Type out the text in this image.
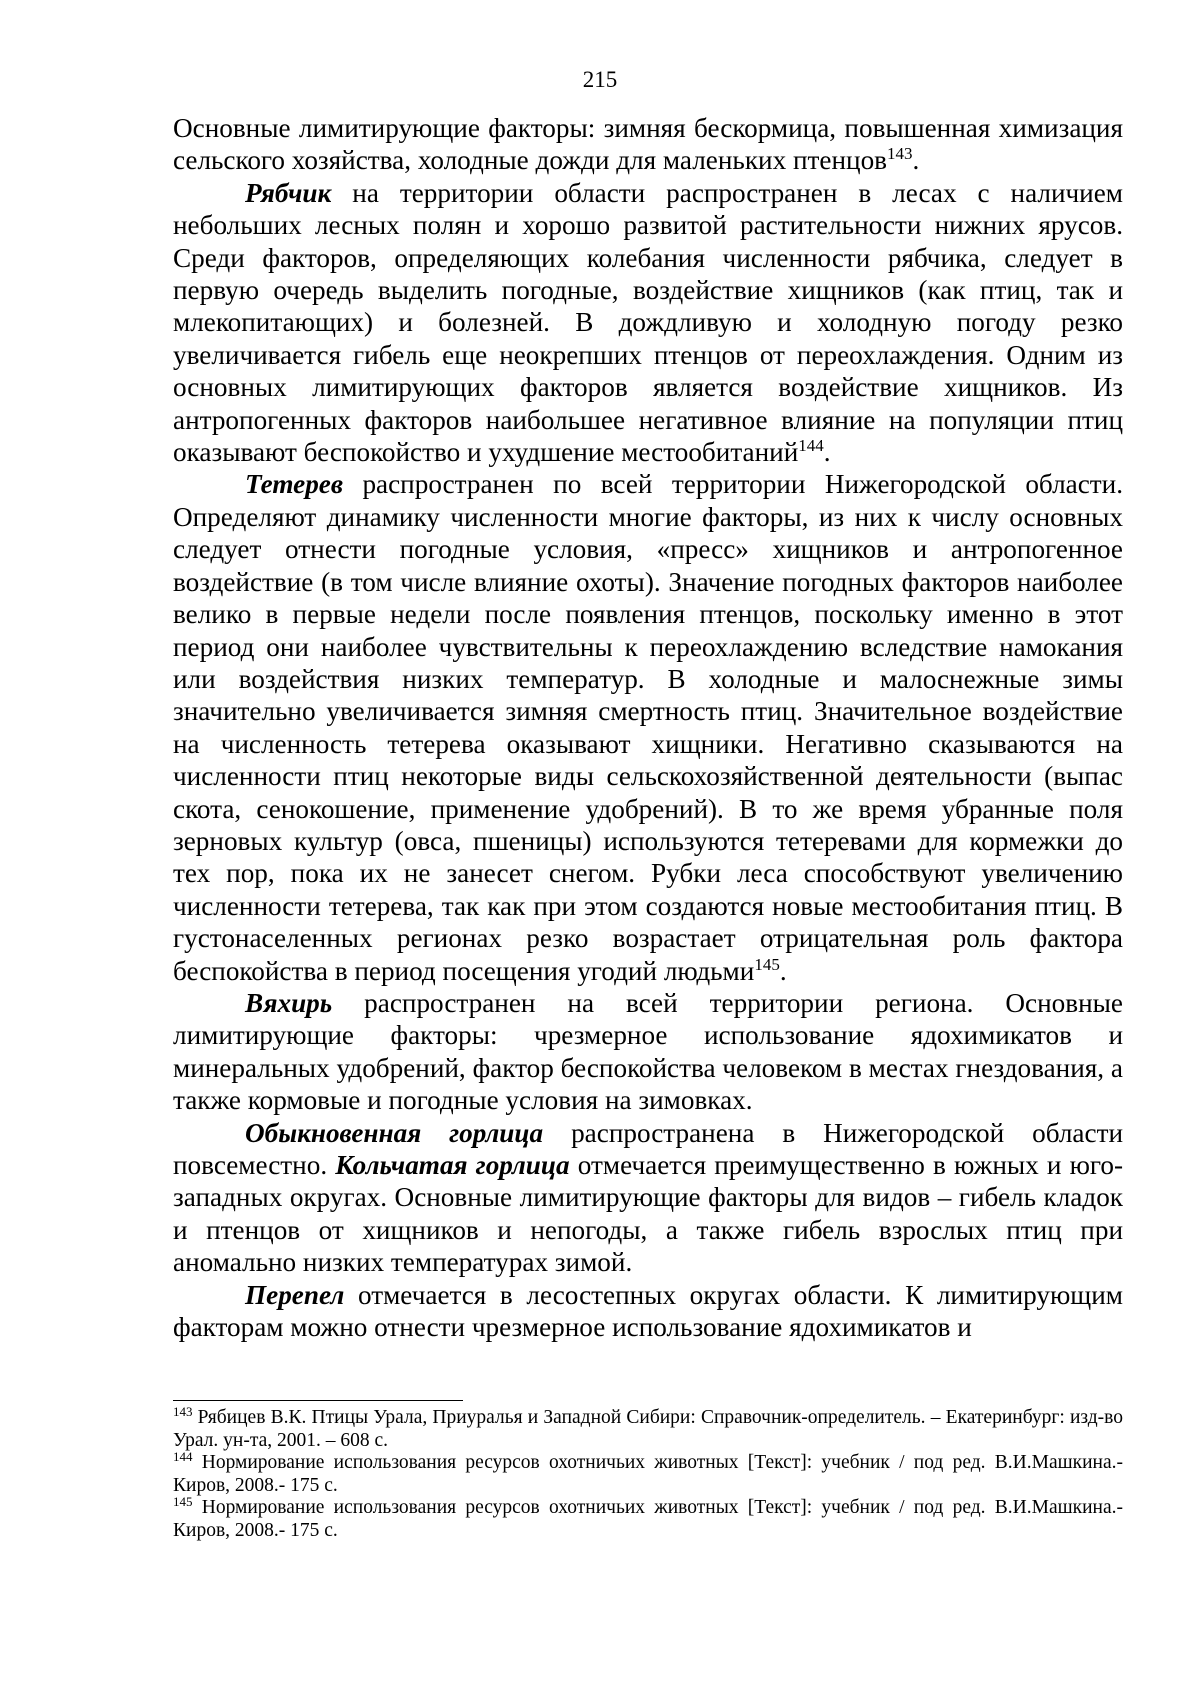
215

Основные лимитирующие факторы: зимняя бескормица, повышенная химизация сельского хозяйства, холодные дожди для маленьких птенцов$^{143}$.

Рябчик на территории области распространен в лесах с наличием небольших лесных полян и хорошо развитой растительности нижних ярусов. Среди факторов, определяющих колебания численности рябчика, следует в первую очередь выделить погодные, воздействие хищников (как птиц, так и млекопитающих) и болезней. В дождливую и холодную погоду резко увеличивается гибель еще неокрепших птенцов от переохлаждения. Одним из основных лимитирующих факторов является воздействие хищников. Из антропогенных факторов наибольшее негативное влияние на популяции птиц оказывают беспокойство и ухудшение местообитаний$^{144}$.

Тетерев распространен по всей территории Нижегородской области. Определяют динамику численности многие факторы, из них к числу основных следует отнести погодные условия, «пресс» хищников и антропогенное воздействие (в том числе влияние охоты). Значение погодных факторов наиболее велико в первые недели после появления птенцов, поскольку именно в этот период они наиболее чувствительны к переохлаждению вследствие намокания или воздействия низких температур. В холодные и малоснежные зимы значительно увеличивается зимняя смертность птиц. Значительное воздействие на численность тетерева оказывают хищники. Негативно сказываются на численности птиц некоторые виды сельскохозяйственной деятельности (выпас скота, сенокошение, применение удобрений). В то же время убранные поля зерновых культур (овса, пшеницы) используются тетеревами для кормежки до тех пор, пока их не занесет снегом. Рубки леса способствуют увеличению численности тетерева, так как при этом создаются новые местообитания птиц. В густонаселенных регионах резко возрастает отрицательная роль фактора беспокойства в период посещения угодий людьми$^{145}$.

Вяхирь распространен на всей территории региона. Основные лимитирующие факторы: чрезмерное использование ядохимикатов и минеральных удобрений, фактор беспокойства человеком в местах гнездования, а также кормовые и погодные условия на зимовках.

Обыкновенная горлица распространена в Нижегородской области повсеместно. Кольчатая горлица отмечается преимущественно в южных и юго-западных округах. Основные лимитирующие факторы для видов – гибель кладок и птенцов от хищников и непогоды, а также гибель взрослых птиц при аномально низких температурах зимой.

Перепел отмечается в лесостепных округах области. К лимитирующим факторам можно отнести чрезмерное использование ядохимикатов и

$^{143}$ Рябицев В.К. Птицы Урала, Приуралья и Западной Сибири: Справочник-определитель. – Екатеринбург: изд-во Урал. ун-та, 2001. – 608 с.

$^{144}$ Нормирование использования ресурсов охотничьих животных [Текст]: учебник / под ред. В.И.Машкина.- Киров, 2008.- 175 с.

$^{145}$ Нормирование использования ресурсов охотничьих животных [Текст]: учебник / под ред. В.И.Машкина.- Киров, 2008.- 175 с.
